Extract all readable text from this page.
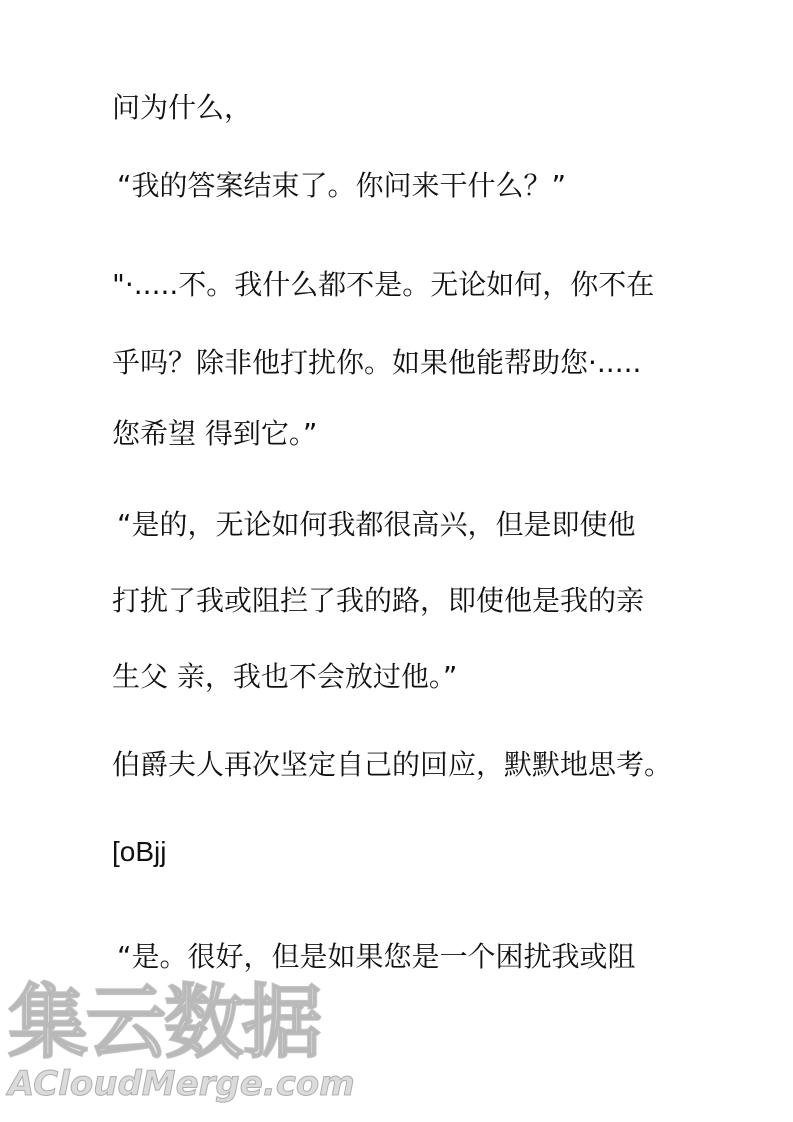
问为什么，

“我的答案结束了。你问来干什么？”

"·.....不。我什么都不是。无论如何，你不在

乎吗？除非他打扰你。如果他能帮助您·.....

您希望 得到它。”

“是的，无论如何我都很高兴，但是即使他

打扰了我或阻拦了我的路，即使他是我的亲

生父 亲，我也不会放过他。”

伯爵夫人再次坚定自己的回应，默默地思考。

[oBjj

“是。很好，但是如果您是一个困扰我或阻

集云数据
ACloudMerge.com
